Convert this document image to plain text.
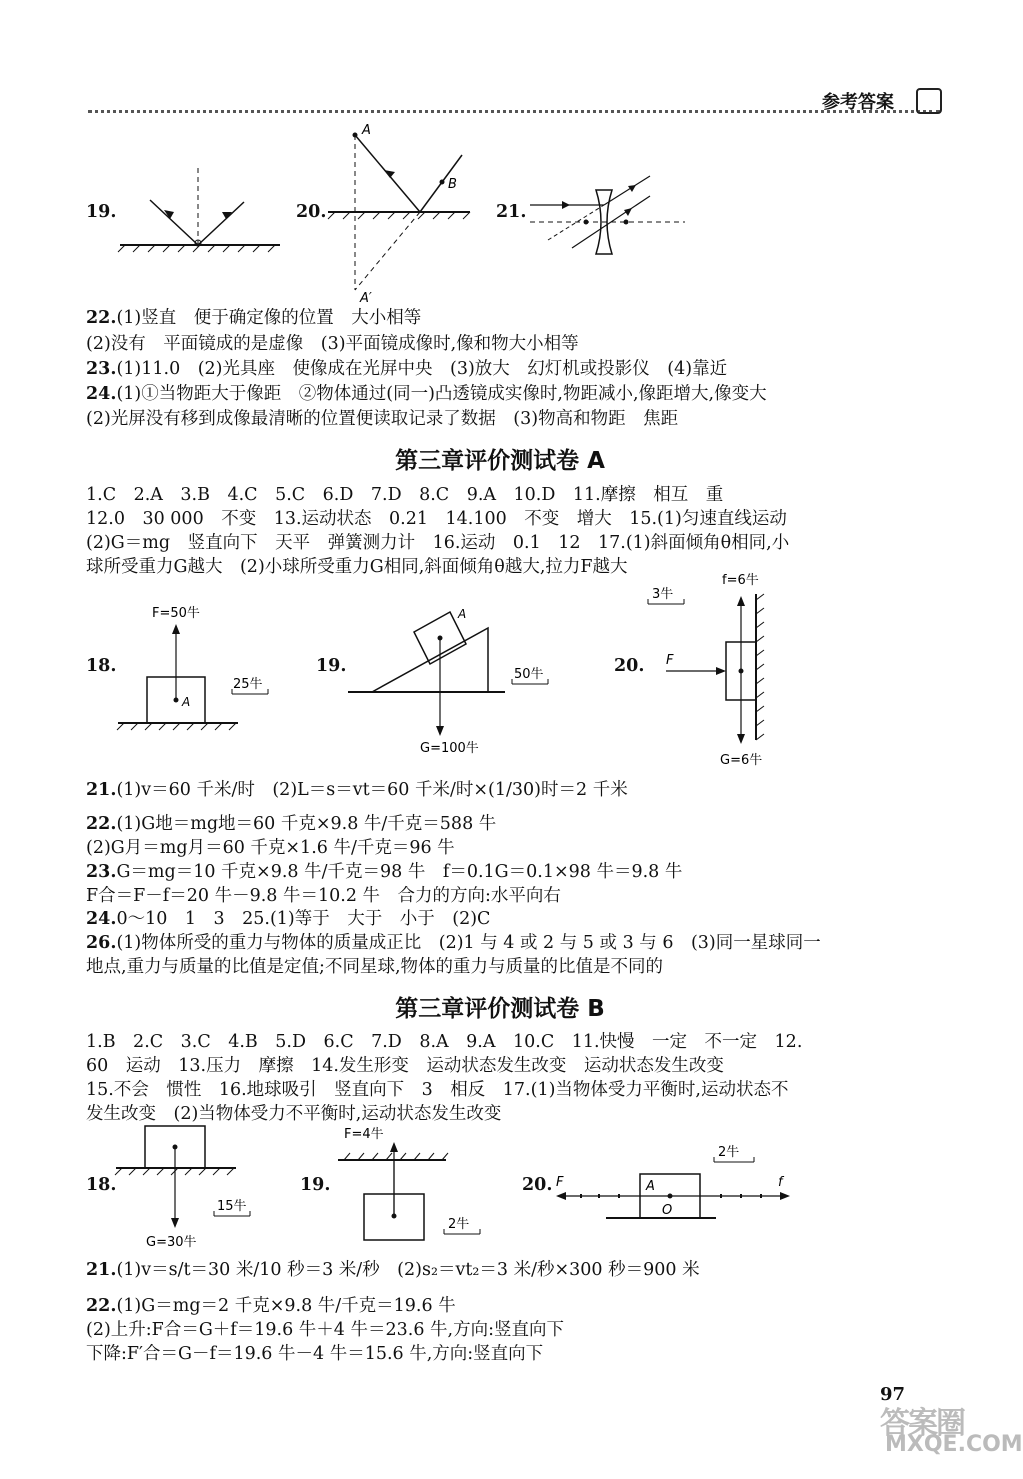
参考答案
19.	20.	21.
A
B
A′
22.(1)竖直　便于确定像的位置　大小相等
(2)没有　平面镜成的是虚像　(3)平面镜成像时,像和物大小相等
23.(1)11.0　(2)光具座　使像成在光屏中央　(3)放大　幻灯机或投影仪　(4)靠近
24.(1)①当物距大于像距　②物体通过(同一)凸透镜成实像时,物距减小,像距增大,像变大
(2)光屏没有移到成像最清晰的位置便读取记录了数据　(3)物高和物距　焦距
第三章评价测试卷 A
1.C　2.A　3.B　4.C　5.C　6.D　7.D　8.C　9.A　10.D　11.摩擦　相互　重
12.0　30 000　不变　13.运动状态　0.21　14.100　不变　增大　15.(1)匀速直线运动
(2)G＝mg　竖直向下　天平　弹簧测力计　16.运动　0.1　12　17.(1)斜面倾角θ相同,小
球所受重力G越大　(2)小球所受重力G相同,斜面倾角θ越大,拉力F越大
18.	19.	20.
F=50牛
A
25牛
A
50牛
G=100牛
3牛
f=6牛
F
G=6牛
21.(1)v＝60 千米/时　(2)L＝s＝vt＝60 千米/时×(1/30)时＝2 千米
22.(1)G地＝mg地＝60 千克×9.8 牛/千克＝588 牛
(2)G月＝mg月＝60 千克×1.6 牛/千克＝96 牛
23.G＝mg＝10 千克×9.8 牛/千克＝98 牛　f＝0.1G＝0.1×98 牛＝9.8 牛
F合＝F－f＝20 牛－9.8 牛＝10.2 牛　合力的方向:水平向右
24.0～10　1　3　25.(1)等于　大于　小于　(2)C
26.(1)物体所受的重力与物体的质量成正比　(2)1 与 4 或 2 与 5 或 3 与 6　(3)同一星球同一
地点,重力与质量的比值是定值;不同星球,物体的重力与质量的比值是不同的
第三章评价测试卷 B
1.B　2.C　3.C　4.B　5.D　6.C　7.D　8.A　9.A　10.C　11.快慢　一定　不一定　12.
60　运动　13.压力　摩擦　14.发生形变　运动状态发生改变　运动状态发生改变
15.不会　惯性　16.地球吸引　竖直向下　3　相反　17.(1)当物体受力平衡时,运动状态不
发生改变　(2)当物体受力不平衡时,运动状态发生改变
18.	19.	20.
15牛
G=30牛
F=4牛
2牛
2牛
F	f
A
O
21.(1)v＝s/t＝30 米/10 秒＝3 米/秒　(2)s₂＝vt₂＝3 米/秒×300 秒＝900 米
22.(1)G＝mg＝2 千克×9.8 牛/千克＝19.6 牛
(2)上升:F合＝G＋f＝19.6 牛＋4 牛＝23.6 牛,方向:竖直向下
下降:F′合＝G－f＝19.6 牛－4 牛＝15.6 牛,方向:竖直向下
97
答案圈
MXQE.COM
